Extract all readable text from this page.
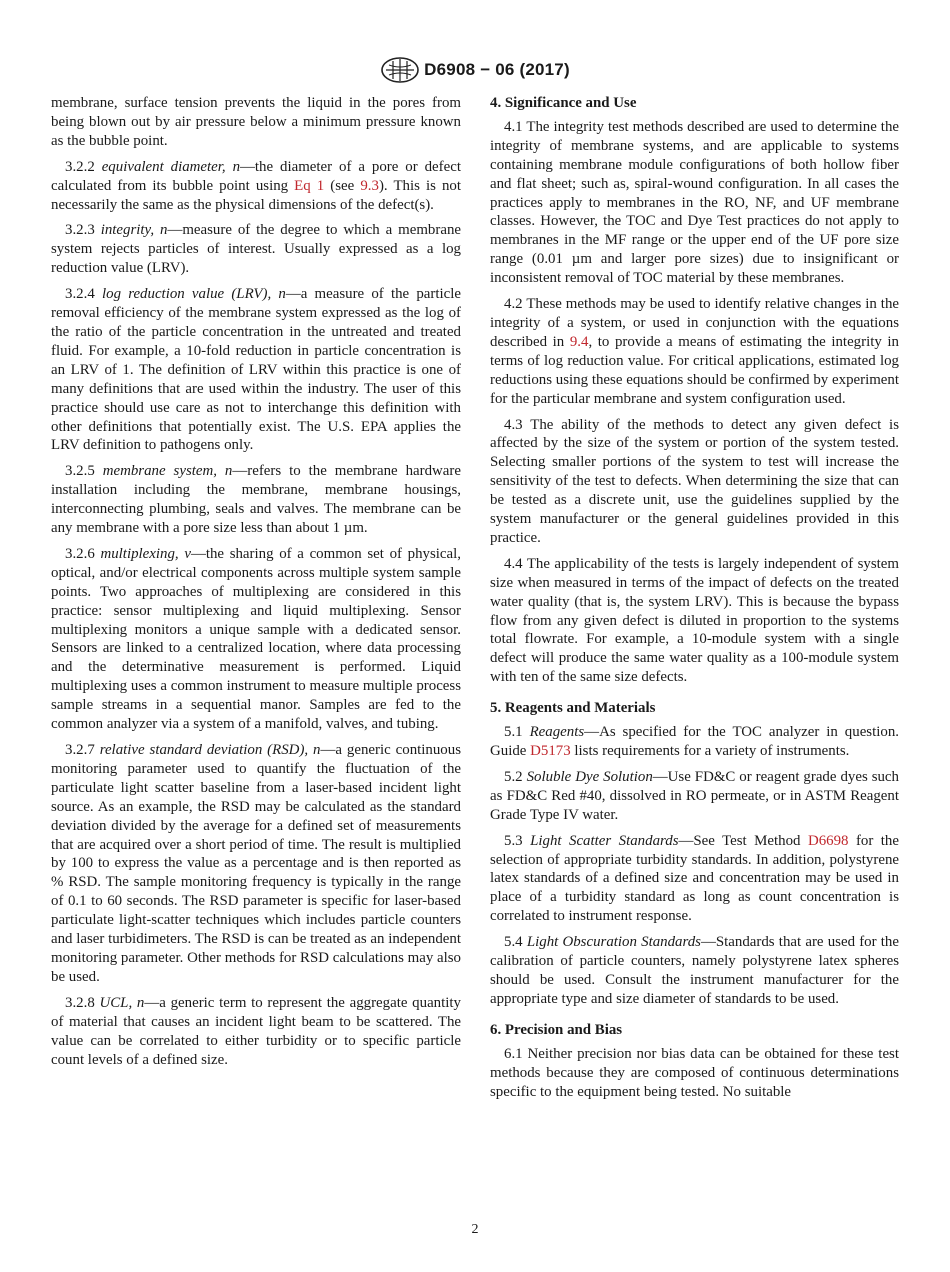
D6908 − 06 (2017)

membrane, surface tension prevents the liquid in the pores from being blown out by air pressure below a minimum pressure known as the bubble point.

3.2.2 equivalent diameter, n—the diameter of a pore or defect calculated from its bubble point using Eq 1 (see 9.3). This is not necessarily the same as the physical dimensions of the defect(s).

3.2.3 integrity, n—measure of the degree to which a membrane system rejects particles of interest. Usually expressed as a log reduction value (LRV).

3.2.4 log reduction value (LRV), n—a measure of the particle removal efficiency of the membrane system expressed as the log of the ratio of the particle concentration in the untreated and treated fluid. For example, a 10-fold reduction in particle concentration is an LRV of 1. The definition of LRV within this practice is one of many definitions that are used within the industry. The user of this practice should use care as not to interchange this definition with other definitions that potentially exist. The U.S. EPA applies the LRV definition to pathogens only.

3.2.5 membrane system, n—refers to the membrane hardware installation including the membrane, membrane housings, interconnecting plumbing, seals and valves. The membrane can be any membrane with a pore size less than about 1 µm.

3.2.6 multiplexing, v—the sharing of a common set of physical, optical, and/or electrical components across multiple system sample points. Two approaches of multiplexing are considered in this practice: sensor multiplexing and liquid multiplexing. Sensor multiplexing monitors a unique sample with a dedicated sensor. Sensors are linked to a centralized location, where data processing and the determinative measurement is performed. Liquid multiplexing uses a common instrument to measure multiple process sample streams in a sequential manor. Samples are fed to the common analyzer via a system of a manifold, valves, and tubing.

3.2.7 relative standard deviation (RSD), n—a generic continuous monitoring parameter used to quantify the fluctuation of the particulate light scatter baseline from a laser-based incident light source. As an example, the RSD may be calculated as the standard deviation divided by the average for a defined set of measurements that are acquired over a short period of time. The result is multiplied by 100 to express the value as a percentage and is then reported as % RSD. The sample monitoring frequency is typically in the range of 0.1 to 60 seconds. The RSD parameter is specific for laser-based particulate light-scatter techniques which includes particle counters and laser turbidimeters. The RSD is can be treated as an independent monitoring parameter. Other methods for RSD calculations may also be used.

3.2.8 UCL, n—a generic term to represent the aggregate quantity of material that causes an incident light beam to be scattered. The value can be correlated to either turbidity or to specific particle count levels of a defined size.

4. Significance and Use

4.1 The integrity test methods described are used to determine the integrity of membrane systems, and are applicable to systems containing membrane module configurations of both hollow fiber and flat sheet; such as, spiral-wound configuration. In all cases the practices apply to membranes in the RO, NF, and UF membrane classes. However, the TOC and Dye Test practices do not apply to membranes in the MF range or the upper end of the UF pore size range (0.01 µm and larger pore sizes) due to insignificant or inconsistent removal of TOC material by these membranes.

4.2 These methods may be used to identify relative changes in the integrity of a system, or used in conjunction with the equations described in 9.4, to provide a means of estimating the integrity in terms of log reduction value. For critical applications, estimated log reductions using these equations should be confirmed by experiment for the particular membrane and system configuration used.

4.3 The ability of the methods to detect any given defect is affected by the size of the system or portion of the system tested. Selecting smaller portions of the system to test will increase the sensitivity of the test to defects. When determining the size that can be tested as a discrete unit, use the guidelines supplied by the system manufacturer or the general guidelines provided in this practice.

4.4 The applicability of the tests is largely independent of system size when measured in terms of the impact of defects on the treated water quality (that is, the system LRV). This is because the bypass flow from any given defect is diluted in proportion to the systems total flowrate. For example, a 10-module system with a single defect will produce the same water quality as a 100-module system with ten of the same size defects.

5. Reagents and Materials

5.1 Reagents—As specified for the TOC analyzer in question. Guide D5173 lists requirements for a variety of instruments.

5.2 Soluble Dye Solution—Use FD&C or reagent grade dyes such as FD&C Red #40, dissolved in RO permeate, or in ASTM Reagent Grade Type IV water.

5.3 Light Scatter Standards—See Test Method D6698 for the selection of appropriate turbidity standards. In addition, polystyrene latex standards of a defined size and concentration may be used in place of a turbidity standard as long as count concentration is correlated to instrument response.

5.4 Light Obscuration Standards—Standards that are used for the calibration of particle counters, namely polystyrene latex spheres should be used. Consult the instrument manufacturer for the appropriate type and size diameter of standards to be used.

6. Precision and Bias

6.1 Neither precision nor bias data can be obtained for these test methods because they are composed of continuous determinations specific to the equipment being tested. No suitable

2
